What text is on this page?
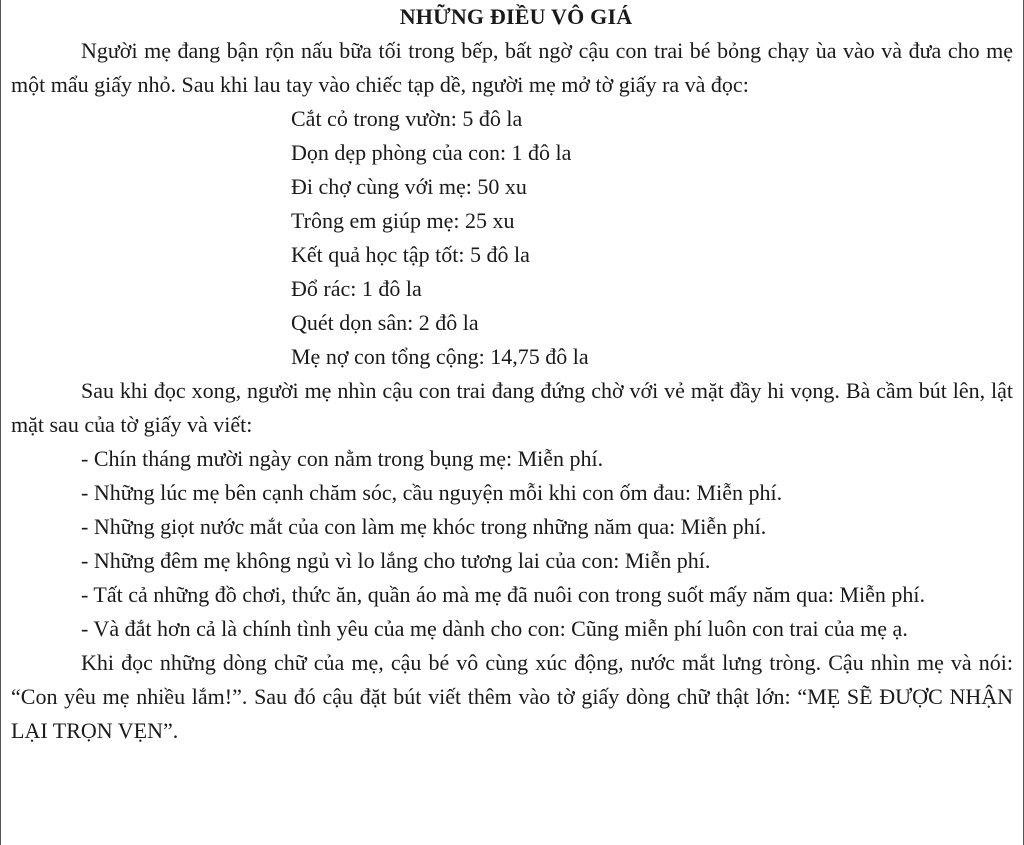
NHỮNG ĐIỀU VÔ GIÁ

Người mẹ đang bận rộn nấu bữa tối trong bếp, bất ngờ cậu con trai bé bỏng chạy ùa vào và đưa cho mẹ một mẩu giấy nhỏ. Sau khi lau tay vào chiếc tạp dề, người mẹ mở tờ giấy ra và đọc:

Cắt cỏ trong vườn: 5 đô la
Dọn dẹp phòng của con: 1 đô la
Đi chợ cùng với mẹ: 50 xu
Trông em giúp mẹ: 25 xu
Kết quả học tập tốt: 5 đô la
Đổ rác: 1 đô la
Quét dọn sân: 2 đô la
Mẹ nợ con tổng cộng: 14,75 đô la

Sau khi đọc xong, người mẹ nhìn cậu con trai đang đứng chờ với vẻ mặt đầy hi vọng. Bà cầm bút lên, lật mặt sau của tờ giấy và viết:

- Chín tháng mười ngày con nằm trong bụng mẹ: Miễn phí.
- Những lúc mẹ bên cạnh chăm sóc, cầu nguyện mỗi khi con ốm đau: Miễn phí.
- Những giọt nước mắt của con làm mẹ khóc trong những năm qua: Miễn phí.
- Những đêm mẹ không ngủ vì lo lắng cho tương lai của con: Miễn phí.
- Tất cả những đồ chơi, thức ăn, quần áo mà mẹ đã nuôi con trong suốt mấy năm qua: Miễn phí.
- Và đắt hơn cả là chính tình yêu của mẹ dành cho con: Cũng miễn phí luôn con trai của mẹ ạ.

Khi đọc những dòng chữ của mẹ, cậu bé vô cùng xúc động, nước mắt lưng tròng. Cậu nhìn mẹ và nói: “Con yêu mẹ nhiều lắm!”. Sau đó cậu đặt bút viết thêm vào tờ giấy dòng chữ thật lớn: “MẸ SẼ ĐƯỢC NHẬN LẠI TRỌN VẸN”.
